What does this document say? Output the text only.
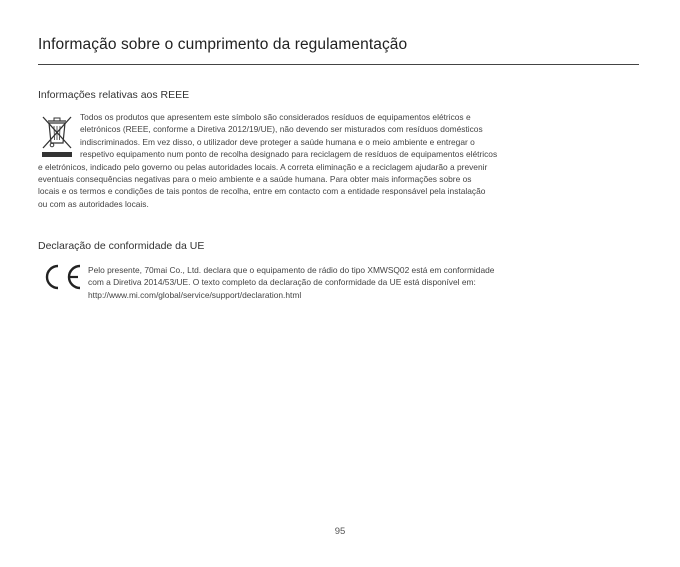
Informação sobre o cumprimento da regulamentação
Informações relativas aos REEE
Todos os produtos que apresentem este símbolo são considerados resíduos de equipamentos elétricos e
eletrónicos (REEE, conforme a Diretiva 2012/19/UE), não devendo ser misturados com resíduos domésticos
indiscriminados. Em vez disso, o utilizador deve proteger a saúde humana e o meio ambiente e entregar o
respetivo equipamento num ponto de recolha designado para reciclagem de resíduos de equipamentos elétricos
e eletrónicos, indicado pelo governo ou pelas autoridades locais. A correta eliminação e a reciclagem ajudarão a prevenir
eventuais consequências negativas para o meio ambiente e a saúde humana. Para obter mais informações sobre os
locais e os termos e condições de tais pontos de recolha, entre em contacto com a entidade responsável pela instalação
ou com as autoridades locais.
Declaração de conformidade da UE
Pelo presente, 70mai Co., Ltd. declara que o equipamento de rádio do tipo XMWSQ02 está em conformidade
com a Diretiva 2014/53/UE. O texto completo da declaração de conformidade da UE está disponível em:
http://www.mi.com/global/service/support/declaration.html
95
